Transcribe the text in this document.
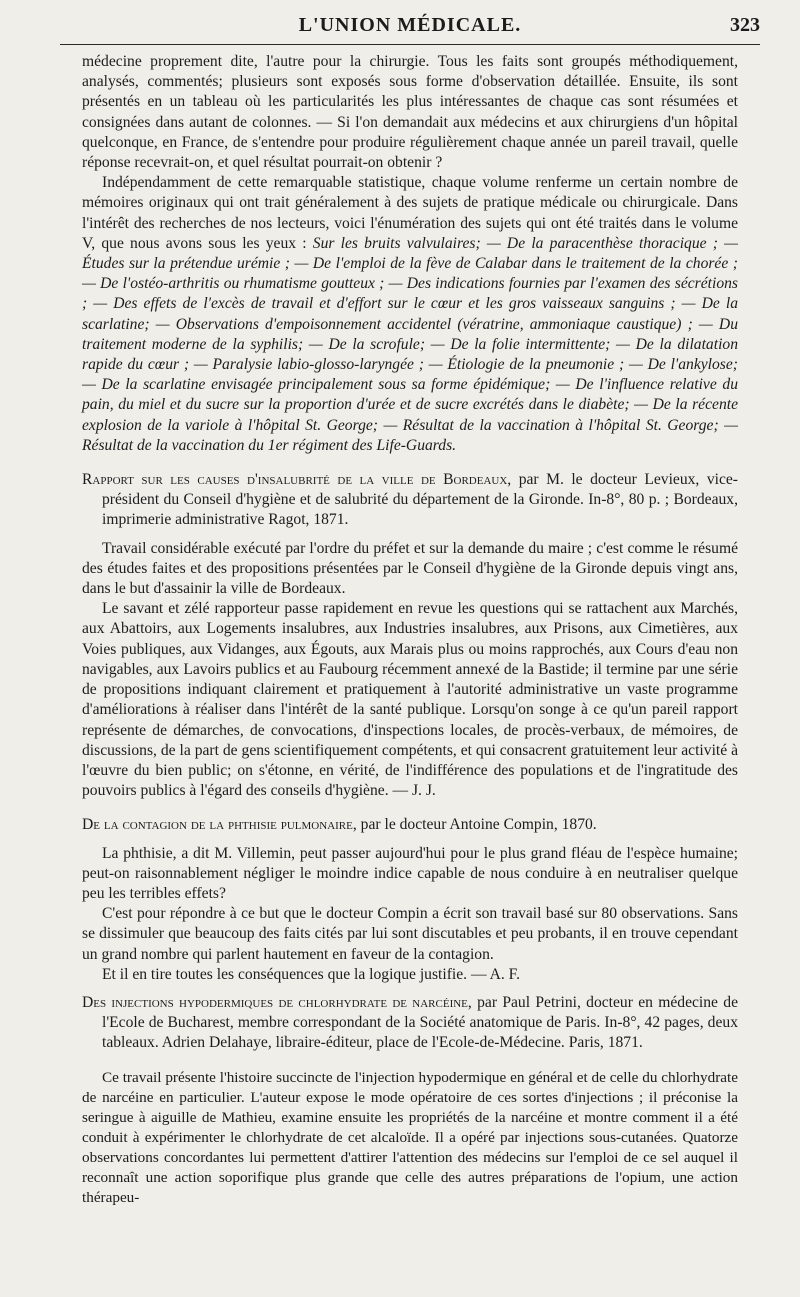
L'UNION MÉDICALE.	323

médecine proprement dite, l'autre pour la chirurgie. Tous les faits sont groupés méthodiquement, analysés, commentés; plusieurs sont exposés sous forme d'observation détaillée. Ensuite, ils sont présentés en un tableau où les particularités les plus intéressantes de chaque cas sont résumées et consignées dans autant de colonnes. — Si l'on demandait aux médecins et aux chirurgiens d'un hôpital quelconque, en France, de s'entendre pour produire régulièrement chaque année un pareil travail, quelle réponse recevrait-on, et quel résultat pourrait-on obtenir ?

Indépendamment de cette remarquable statistique, chaque volume renferme un certain nombre de mémoires originaux qui ont trait généralement à des sujets de pratique médicale ou chirurgicale. Dans l'intérêt des recherches de nos lecteurs, voici l'énumération des sujets qui ont été traités dans le volume V, que nous avons sous les yeux : Sur les bruits valvulaires; — De la paracenthèse thoracique ; — Études sur la prétendue urémie ; — De l'emploi de la fève de Calabar dans le traitement de la chorée ; — De l'ostéo-arthritis ou rhumatisme goutteux ; — Des indications fournies par l'examen des sécrétions ; — Des effets de l'excès de travail et d'effort sur le cœur et les gros vaisseaux sanguins ; — De la scarlatine; — Observations d'empoisonnement accidentel (vératrine, ammoniaque caustique) ; — Du traitement moderne de la syphilis; — De la scrofule; — De la folie intermittente; — De la dilatation rapide du cœur ; — Paralysie labio-glosso-laryngée ; — Étiologie de la pneumonie ; — De l'ankylose; — De la scarlatine envisagée principalement sous sa forme épidémique; — De l'influence relative du pain, du miel et du sucre sur la proportion d'urée et de sucre excrétés dans le diabète; — De la récente explosion de la variole à l'hôpital St. George; — Résultat de la vaccination à l'hôpital St. George; — Résultat de la vaccination du 1er régiment des Life-Guards.

Rapport sur les causes d'insalubrité de la ville de Bordeaux, par M. le docteur Levieux, vice-président du Conseil d'hygiène et de salubrité du département de la Gironde. In-8°, 80 p. ; Bordeaux, imprimerie administrative Ragot, 1871.

Travail considérable exécuté par l'ordre du préfet et sur la demande du maire ; c'est comme le résumé des études faites et des propositions présentées par le Conseil d'hygiène de la Gironde depuis vingt ans, dans le but d'assainir la ville de Bordeaux.

Le savant et zélé rapporteur passe rapidement en revue les questions qui se rattachent aux Marchés, aux Abattoirs, aux Logements insalubres, aux Industries insalubres, aux Prisons, aux Cimetières, aux Voies publiques, aux Vidanges, aux Égouts, aux Marais plus ou moins rapprochés, aux Cours d'eau non navigables, aux Lavoirs publics et au Faubourg récemment annexé de la Bastide; il termine par une série de propositions indiquant clairement et pratiquement à l'autorité administrative un vaste programme d'améliorations à réaliser dans l'intérêt de la santé publique. Lorsqu'on songe à ce qu'un pareil rapport représente de démarches, de convocations, d'inspections locales, de procès-verbaux, de mémoires, de discussions, de la part de gens scientifiquement compétents, et qui consacrent gratuitement leur activité à l'œuvre du bien public; on s'étonne, en vérité, de l'indifférence des populations et de l'ingratitude des pouvoirs publics à l'égard des conseils d'hygiène. — J. J.

De la contagion de la phthisie pulmonaire, par le docteur Antoine Compin, 1870.

La phthisie, a dit M. Villemin, peut passer aujourd'hui pour le plus grand fléau de l'espèce humaine; peut-on raisonnablement négliger le moindre indice capable de nous conduire à en neutraliser quelque peu les terribles effets?

C'est pour répondre à ce but que le docteur Compin a écrit son travail basé sur 80 observations. Sans se dissimuler que beaucoup des faits cités par lui sont discutables et peu probants, il en trouve cependant un grand nombre qui parlent hautement en faveur de la contagion.

Et il en tire toutes les conséquences que la logique justifie. — A. F.

Des injections hypodermiques de chlorhydrate de narcéine, par Paul Petrini, docteur en médecine de l'Ecole de Bucharest, membre correspondant de la Société anatomique de Paris. In-8°, 42 pages, deux tableaux. Adrien Delahaye, libraire-éditeur, place de l'Ecole-de-Médecine. Paris, 1871.

Ce travail présente l'histoire succincte de l'injection hypodermique en général et de celle du chlorhydrate de narcéine en particulier. L'auteur expose le mode opératoire de ces sortes d'injections ; il préconise la seringue à aiguille de Mathieu, examine ensuite les propriétés de la narcéine et montre comment il a été conduit à expérimenter le chlorhydrate de cet alcaloïde. Il a opéré par injections sous-cutanées. Quatorze observations concordantes lui permettent d'attirer l'attention des médecins sur l'emploi de ce sel auquel il reconnaît une action soporifique plus grande que celle des autres préparations de l'opium, une action thérapeu-
